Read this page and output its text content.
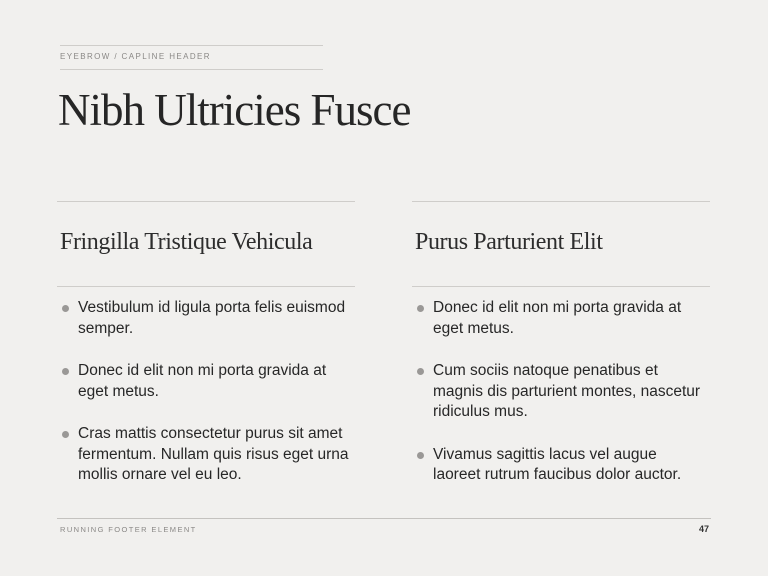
EYEBROW / CAPLINE HEADER
Nibh Ultricies Fusce
Fringilla Tristique Vehicula
Vestibulum id ligula porta felis euismod semper.
Donec id elit non mi porta gravida at eget metus.
Cras mattis consectetur purus sit amet fermentum. Nullam quis risus eget urna mollis ornare vel eu leo.
Purus Parturient Elit
Donec id elit non mi porta gravida at eget metus.
Cum sociis natoque penatibus et magnis dis parturient montes, nascetur ridiculus mus.
Vivamus sagittis lacus vel augue laoreet rutrum faucibus dolor auctor.
RUNNING FOOTER ELEMENT	47
